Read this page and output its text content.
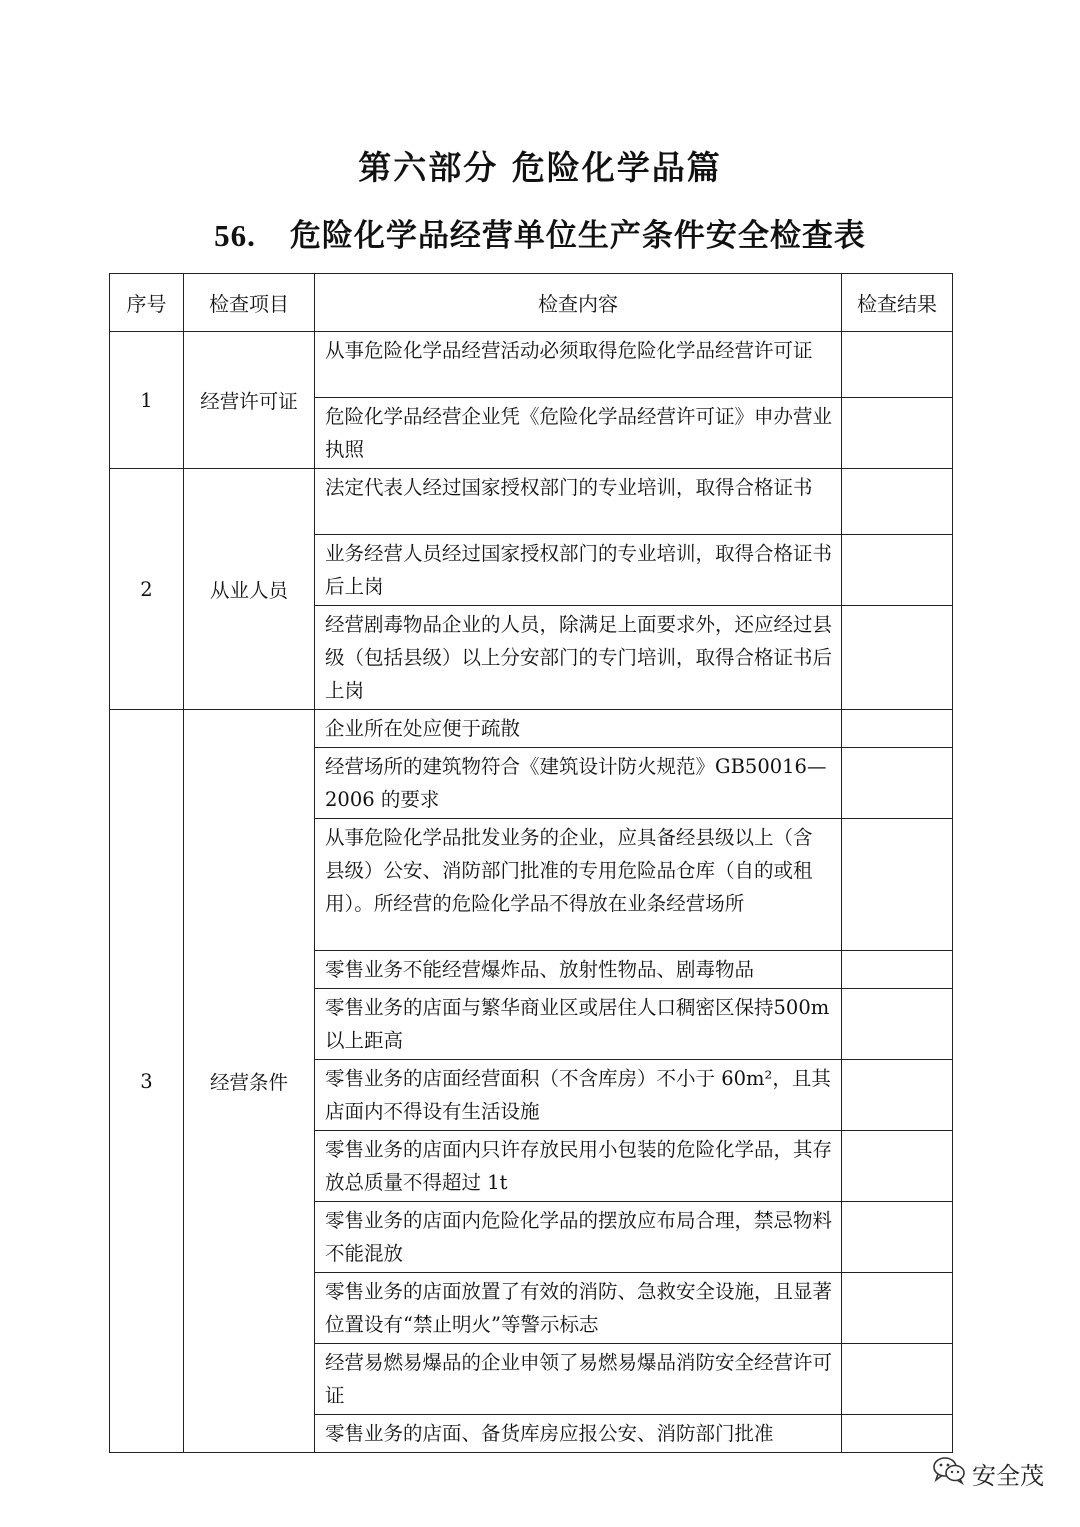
第六部分 危险化学品篇
56. 危险化学品经营单位生产条件安全检查表
序号	检查项目	检查内容	检查结果
1	经营许可证	从事危险化学品经营活动必须取得危险化学品经营许可证	
		危险化学品经营企业凭《危险化学品经营许可证》申办营业执照	
2	从业人员	法定代表人经过国家授权部门的专业培训，取得合格证书	
		业务经营人员经过国家授权部门的专业培训，取得合格证书后上岗	
		经营剧毒物品企业的人员，除满足上面要求外，还应经过县级（包括县级）以上分安部门的专门培训，取得合格证书后上岗	
3	经营条件	企业所在处应便于疏散	
		经营场所的建筑物符合《建筑设计防火规范》GB50016—2006 的要求	
		从事危险化学品批发业务的企业，应具备经县级以上（含 县级）公安、消防部门批准的专用危险品仓库（自的或租用）。所经营的危险化学品不得放在业条经营场所	
		零售业务不能经营爆炸品、放射性物品、剧毒物品	
		零售业务的店面与繁华商业区或居住人口稠密区保持500m 以上距高	
		零售业务的店面经营面积（不含库房）不小于 60m²，且其店面内不得设有生活设施	
		零售业务的店面内只许存放民用小包装的危险化学品，其存放总质量不得超过 1t	
		零售业务的店面内危险化学品的摆放应布局合理，禁忌物料不能混放	
		零售业务的店面放置了有效的消防、急救安全设施，且显著位置设有“禁止明火”等警示标志	
		经营易燃易爆品的企业申领了易燃易爆品消防安全经营许可证	
		零售业务的店面、备货库房应报公安、消防部门批准	
安全茂
